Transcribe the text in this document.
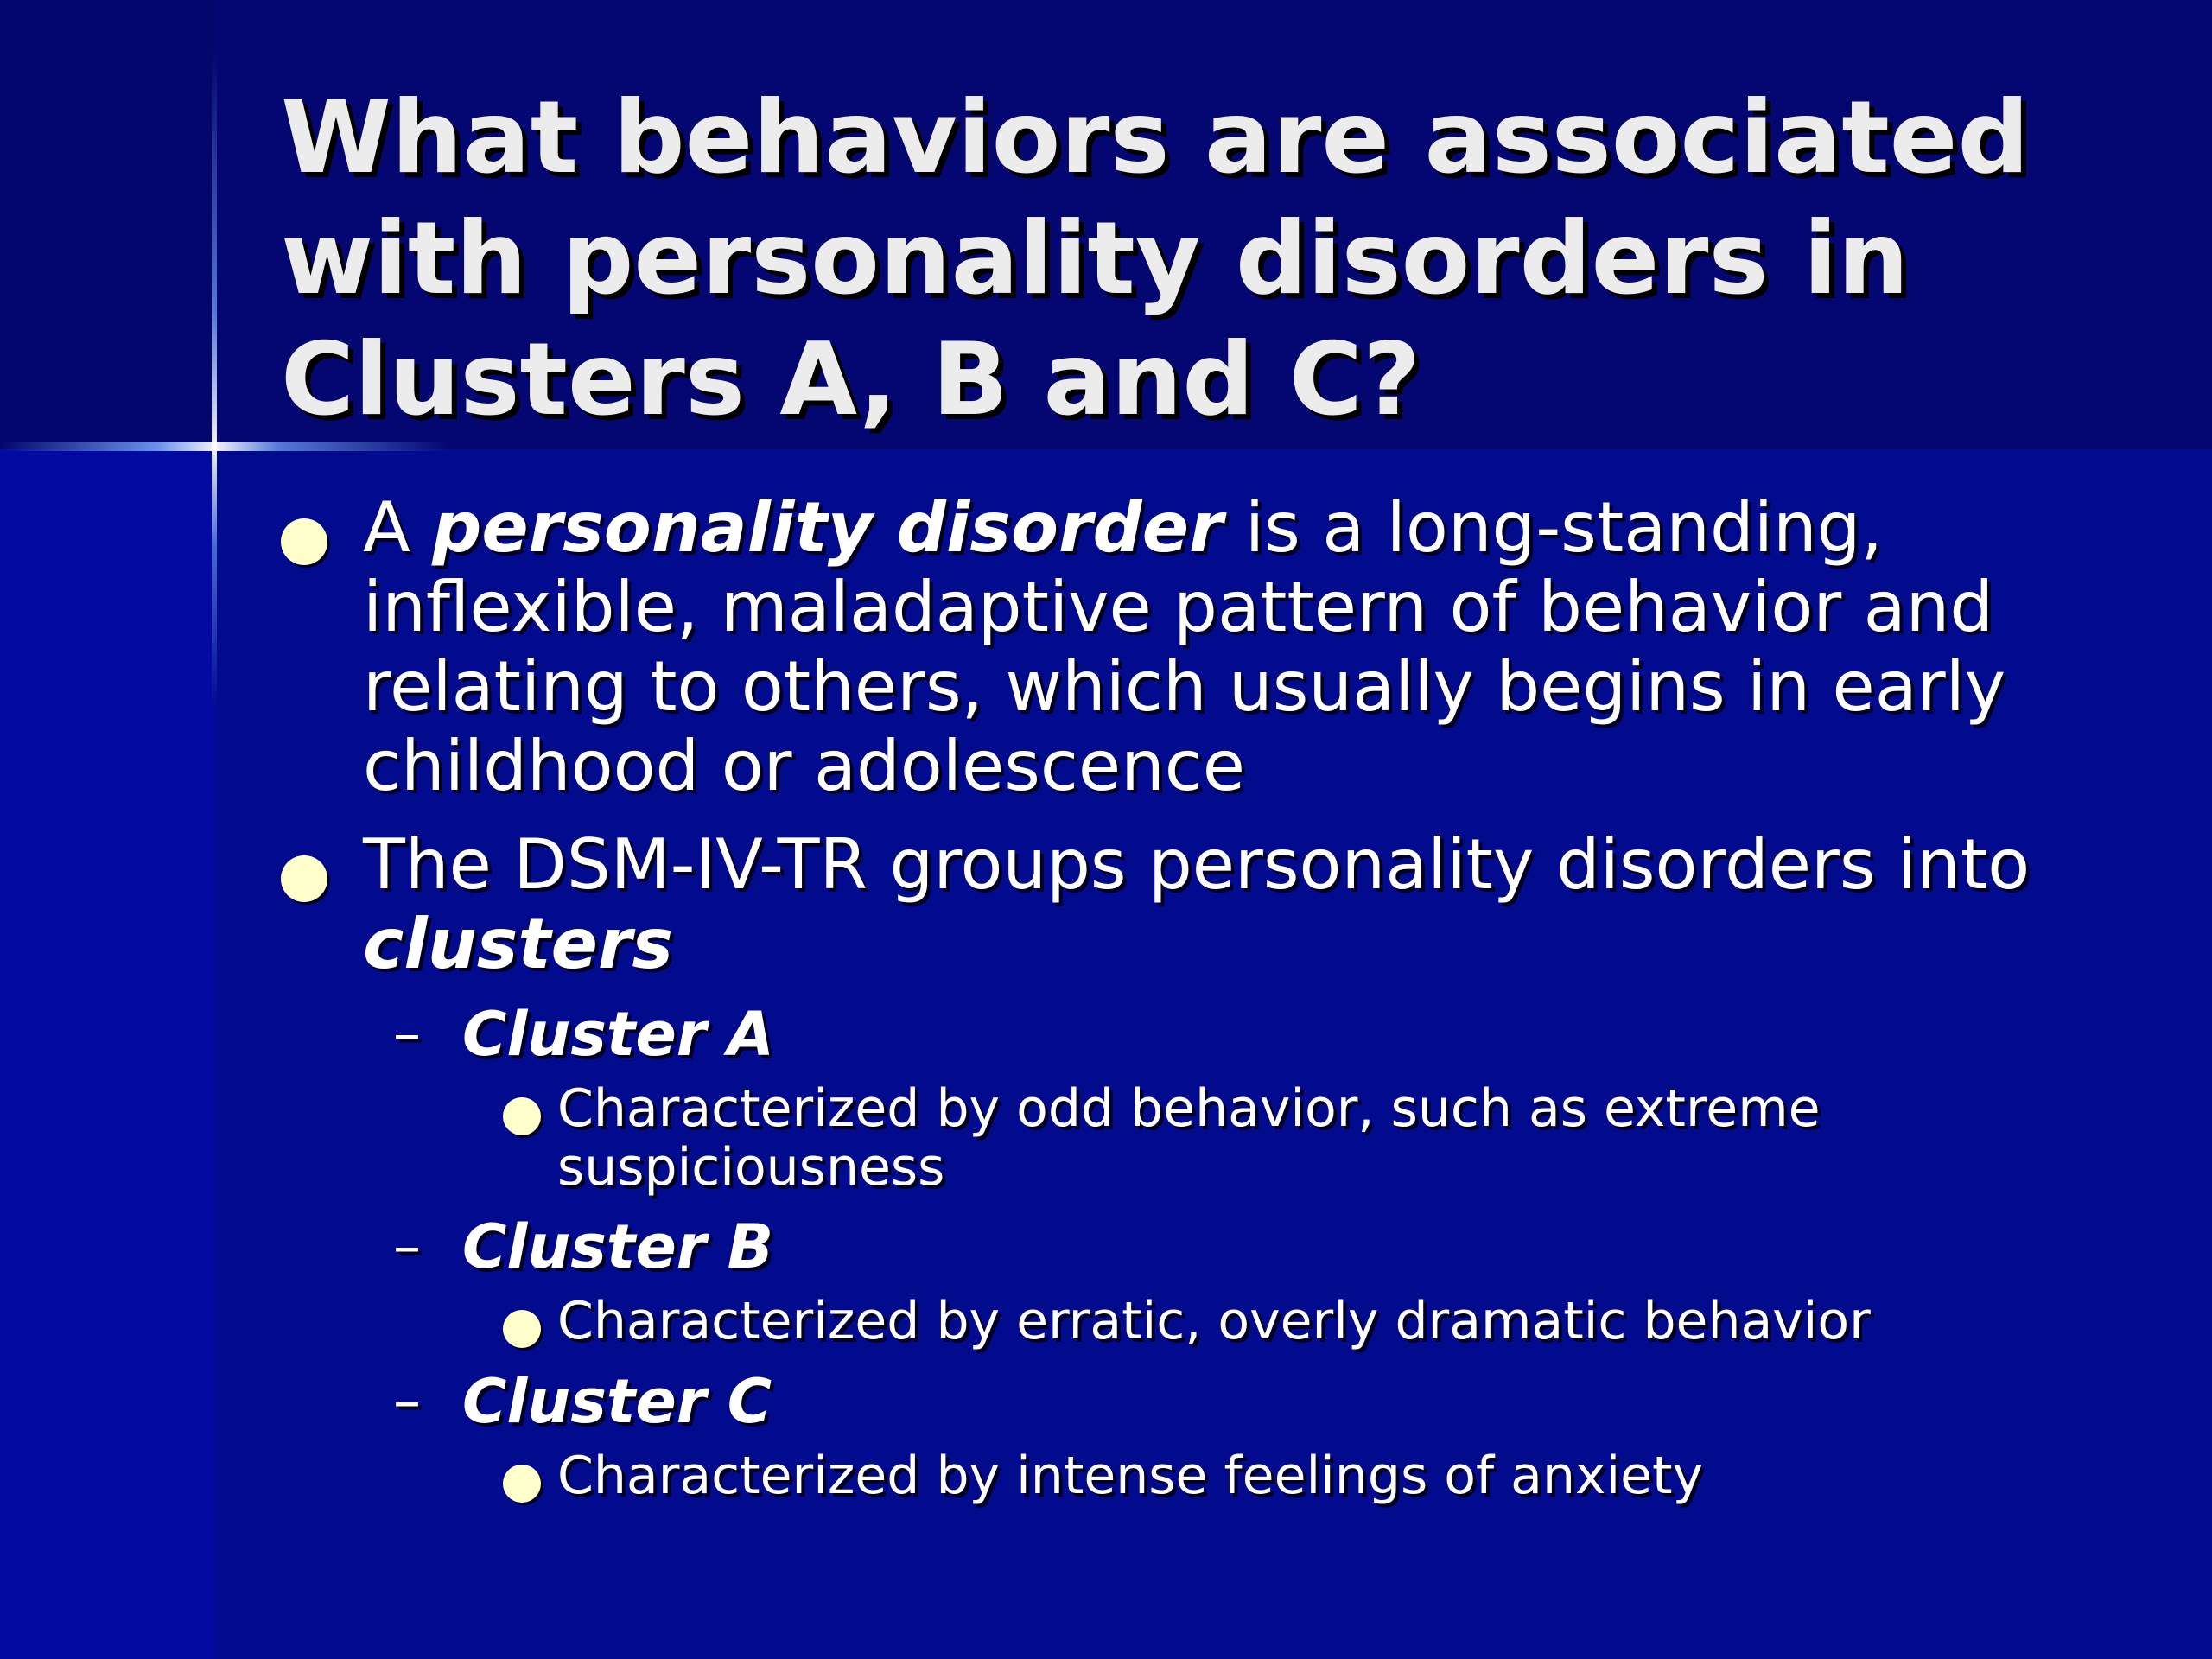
What behaviors are associated with personality disorders in Clusters A, B and C?

A personality disorder is a long-standing, inflexible, maladaptive pattern of behavior and relating to others, which usually begins in early childhood or adolescence

The DSM-IV-TR groups personality disorders into clusters

– Cluster A

Characterized by odd behavior, such as extreme suspiciousness

– Cluster B

Characterized by erratic, overly dramatic behavior

– Cluster C

Characterized by intense feelings of anxiety
